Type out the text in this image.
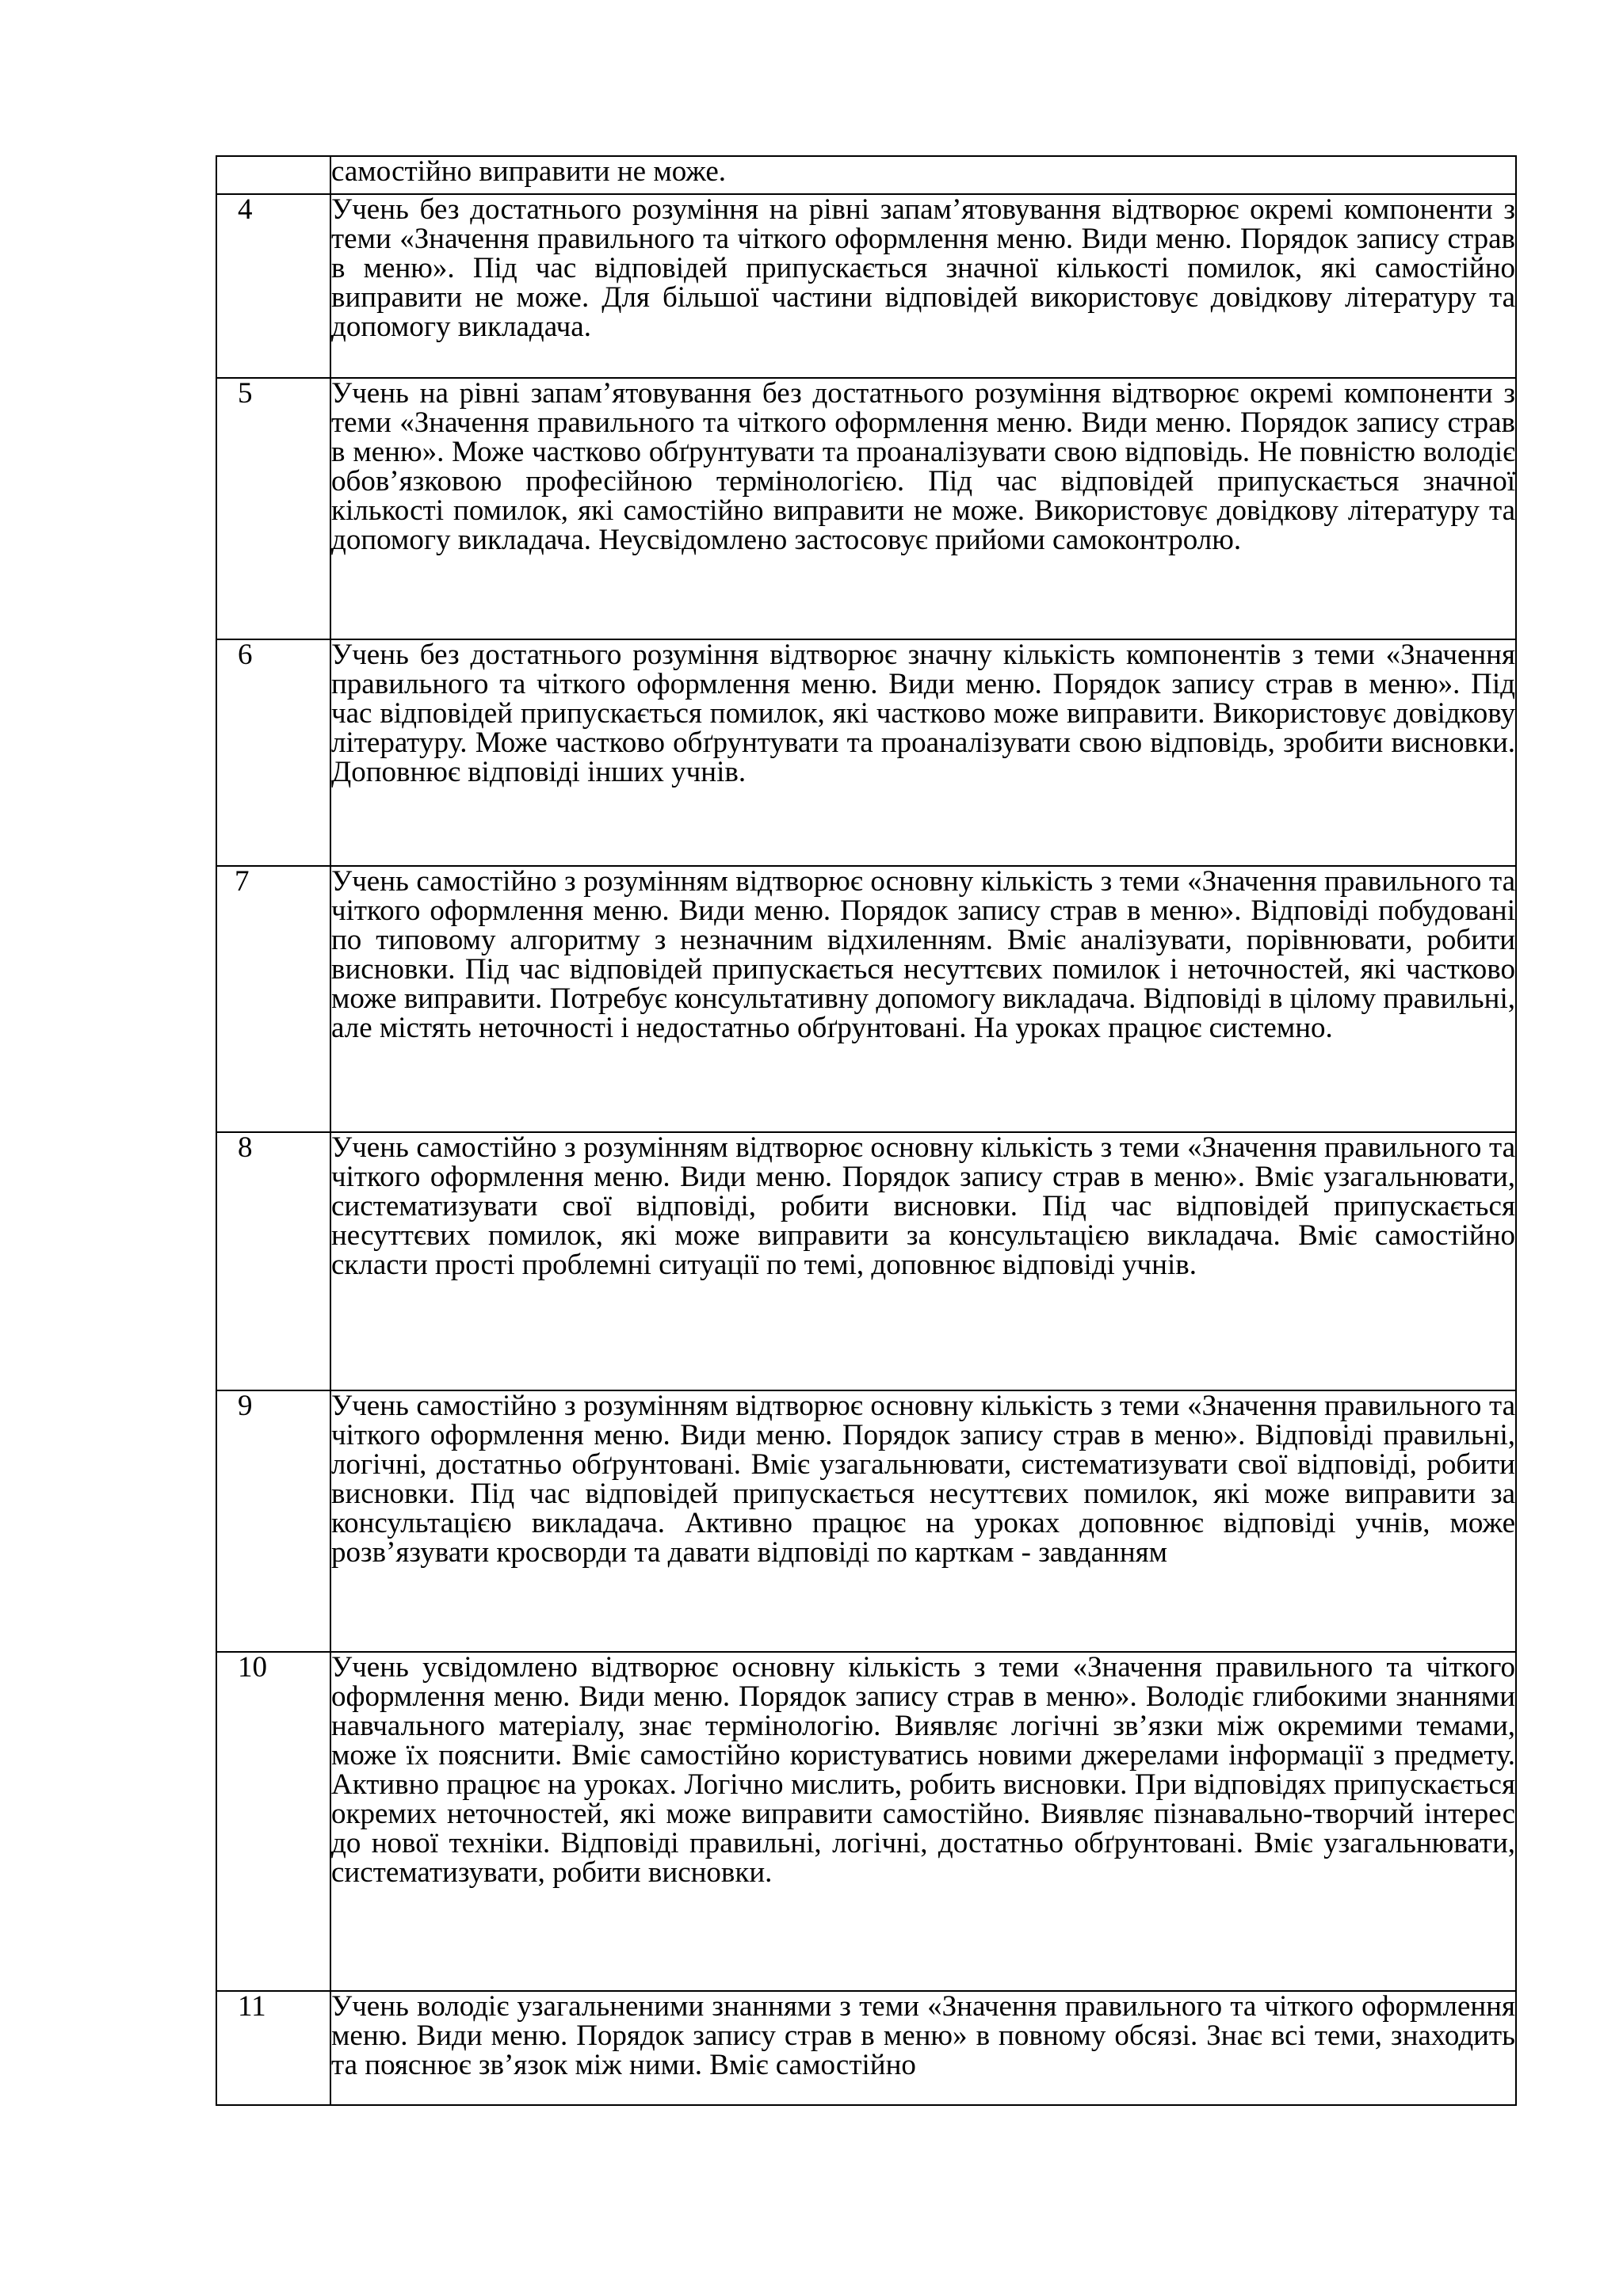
	самостійно виправити не може.

4	Учень без достатнього розуміння на рівні запам’ятовування відтворює окремі компоненти з теми «Значення правильного та чіткого оформлення меню. Види меню. Порядок запису страв в меню». Під час відповідей припускається значної кількості помилок, які самостійно виправити не може. Для більшої частини відповідей використовує довідкову літературу та допомогу викладача.

5	Учень на рівні запам’ятовування без достатнього розуміння відтворює окремі компоненти з теми «Значення правильного та чіткого оформлення меню. Види меню. Порядок запису страв в меню». Може частково обґрунтувати та проаналізувати свою відповідь. Не повністю володіє обов’язковою професійною термінологією. Під час відповідей припускається значної кількості помилок, які самостійно виправити не може. Використовує довідкову літературу та допомогу викладача. Неусвідомлено застосовує прийоми самоконтролю.

6	Учень без достатнього розуміння відтворює значну кількість компонентів з теми «Значення правильного та чіткого оформлення меню. Види меню. Порядок запису страв в меню». Під час відповідей припускається помилок, які частково може виправити. Використовує довідкову літературу. Може частково обґрунтувати та проаналізувати свою відповідь, зробити висновки. Доповнює відповіді інших учнів.

7	Учень самостійно з розумінням відтворює основну кількість з теми «Значення правильного та чіткого оформлення меню. Види меню. Порядок запису страв в меню». Відповіді побудовані по типовому алгоритму з незначним відхиленням. Вміє аналізувати, порівнювати, робити висновки. Під час відповідей припускається несуттєвих помилок і неточностей, які частково може виправити. Потребує консультативну допомогу викладача. Відповіді в цілому правильні, але містять неточності і недостатньо обґрунтовані. На уроках працює системно.

8	Учень самостійно з розумінням відтворює основну кількість з теми «Значення правильного та чіткого оформлення меню. Види меню. Порядок запису страв в меню». Вміє узагальнювати, систематизувати свої відповіді, робити висновки. Під час відповідей припускається несуттєвих помилок, які може виправити за консультацією викладача. Вміє самостійно скласти прості проблемні ситуації по темі, доповнює відповіді учнів.

9	Учень самостійно з розумінням відтворює основну кількість з теми «Значення правильного та чіткого оформлення меню. Види меню. Порядок запису страв в меню». Відповіді правильні, логічні, достатньо обґрунтовані. Вміє узагальнювати, систематизувати свої відповіді, робити висновки. Під час відповідей припускається несуттєвих помилок, які може виправити за консультацією викладача. Активно працює на уроках доповнює відповіді учнів, може розв’язувати кросворди та давати відповіді по карткам - завданням

10	Учень усвідомлено відтворює основну кількість з теми «Значення правильного та чіткого оформлення меню. Види меню. Порядок запису страв в меню». Володіє глибокими знаннями навчального матеріалу, знає термінологію. Виявляє логічні зв’язки між окремими темами, може їх пояснити. Вміє самостійно користуватись новими джерелами інформації з предмету. Активно працює на уроках. Логічно мислить, робить висновки. При відповідях припускається окремих неточностей, які може виправити самостійно. Виявляє пізнавально-творчий інтерес до нової техніки. Відповіді правильні, логічні, достатньо обґрунтовані. Вміє узагальнювати, систематизувати, робити висновки.

11	Учень володіє узагальненими знаннями з теми «Значення правильного та чіткого оформлення меню. Види меню. Порядок запису страв в меню» в повному обсязі. Знає всі теми, знаходить та пояснює зв’язок між ними. Вміє самостійно
